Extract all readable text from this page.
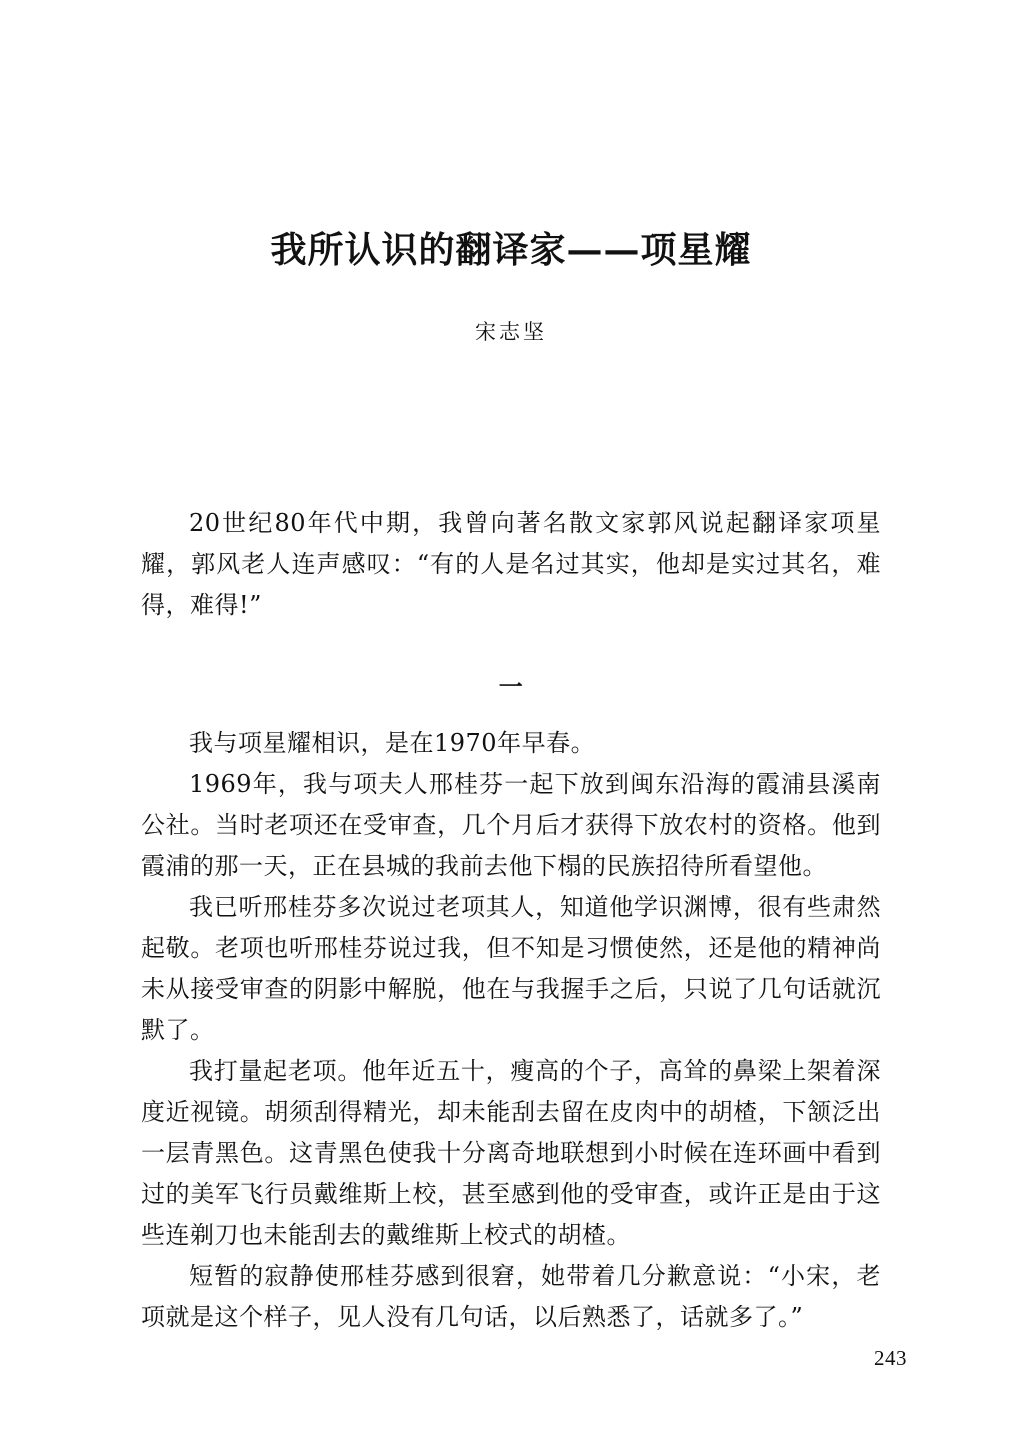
我所认识的翻译家——项星耀
宋志坚

20世纪80年代中期，我曾向著名散文家郭风说起翻译家项星耀，郭风老人连声感叹：“有的人是名过其实，他却是实过其名，难得，难得!”

一

我与项星耀相识，是在1970年早春。

1969年，我与项夫人邢桂芬一起下放到闽东沿海的霞浦县溪南公社。当时老项还在受审查，几个月后才获得下放农村的资格。他到霞浦的那一天，正在县城的我前去他下榻的民族招待所看望他。

我已听邢桂芬多次说过老项其人，知道他学识渊博，很有些肃然起敬。老项也听邢桂芬说过我，但不知是习惯使然，还是他的精神尚未从接受审查的阴影中解脱，他在与我握手之后，只说了几句话就沉默了。

我打量起老项。他年近五十，瘦高的个子，高耸的鼻梁上架着深度近视镜。胡须刮得精光，却未能刮去留在皮肉中的胡楂，下颔泛出一层青黑色。这青黑色使我十分离奇地联想到小时候在连环画中看到过的美军飞行员戴维斯上校，甚至感到他的受审查，或许正是由于这些连剃刀也未能刮去的戴维斯上校式的胡楂。

短暂的寂静使邢桂芬感到很窘，她带着几分歉意说：“小宋，老项就是这个样子，见人没有几句话，以后熟悉了，话就多了。”

243
